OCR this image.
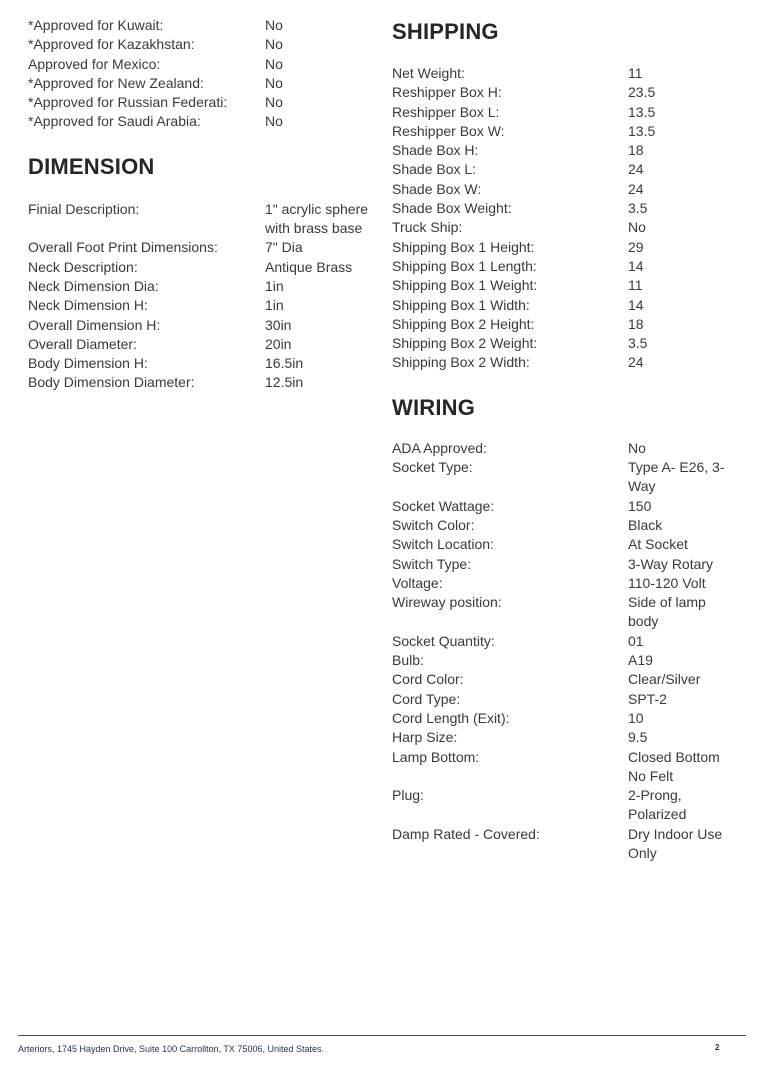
*Approved for Kuwait:	No
*Approved for Kazakhstan:	No
Approved for Mexico:	No
*Approved for New Zealand:	No
*Approved for Russian Federati:	No
*Approved for Saudi Arabia:	No
DIMENSION
Finial Description:	1" acrylic sphere with brass base
Overall Foot Print Dimensions:	7" Dia
Neck Description:	Antique Brass
Neck Dimension Dia:	1in
Neck Dimension H:	1in
Overall Dimension H:	30in
Overall Diameter:	20in
Body Dimension H:	16.5in
Body Dimension Diameter:	12.5in
SHIPPING
Net Weight:	11
Reshipper Box H:	23.5
Reshipper Box L:	13.5
Reshipper Box W:	13.5
Shade Box H:	18
Shade Box L:	24
Shade Box W:	24
Shade Box Weight:	3.5
Truck Ship:	No
Shipping Box 1 Height:	29
Shipping Box 1 Length:	14
Shipping Box 1 Weight:	11
Shipping Box 1 Width:	14
Shipping Box 2 Height:	18
Shipping Box 2 Weight:	3.5
Shipping Box 2 Width:	24
WIRING
ADA Approved:	No
Socket Type:	Type A- E26, 3-Way
Socket Wattage:	150
Switch Color:	Black
Switch Location:	At Socket
Switch Type:	3-Way Rotary
Voltage:	110-120 Volt
Wireway position:	Side of lamp body
Socket Quantity:	01
Bulb:	A19
Cord Color:	Clear/Silver
Cord Type:	SPT-2
Cord Length (Exit):	10
Harp Size:	9.5
Lamp Bottom:	Closed Bottom No Felt
Plug:	2-Prong, Polarized
Damp Rated - Covered:	Dry Indoor Use Only
Arteriors, 1745 Hayden Drive, Suite 100 Carrollton, TX 75006, United States.	2
